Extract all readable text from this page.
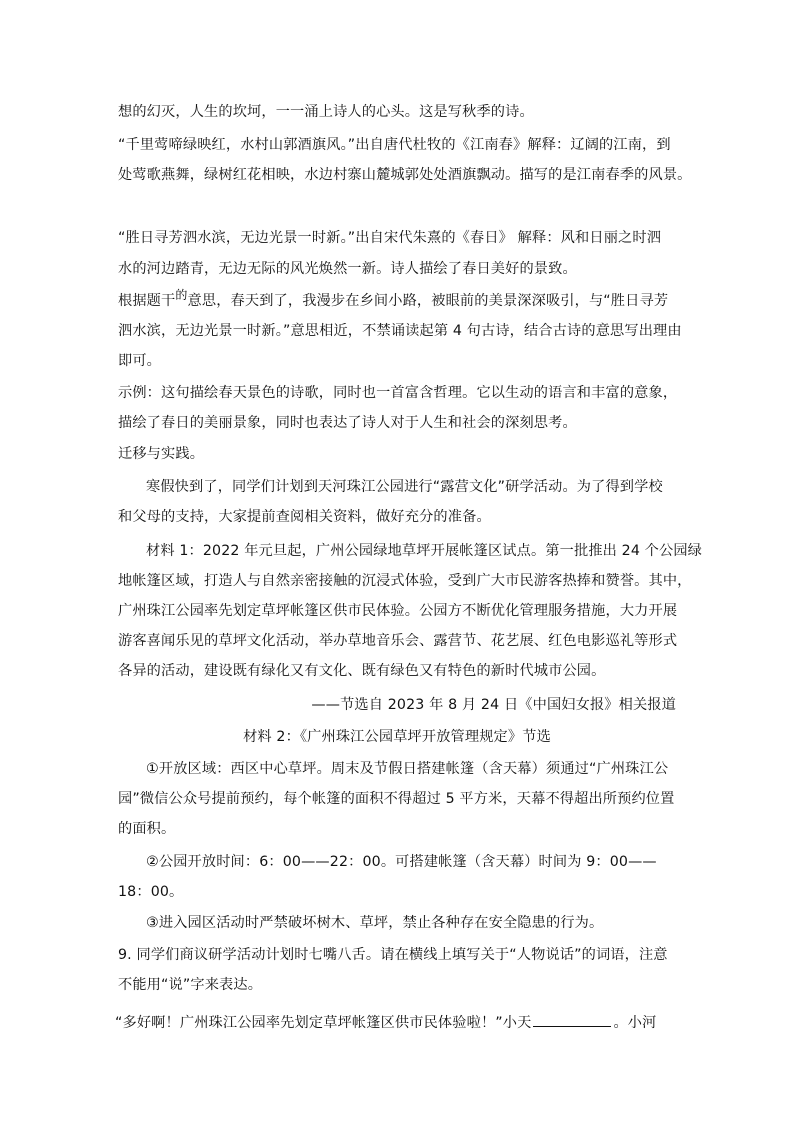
想的幻灭，人生的坎坷，一一涌上诗人的心头。这是写秋季的诗。
“千里莺啼绿映红，水村山郭酒旗风。”出自唐代杜牧的《江南春》解释：辽阔的江南，到
处莺歌燕舞，绿树红花相映，水边村寨山麓城郭处处酒旗飘动。描写的是江南春季的风景。
“胜日寻芳泗水滨，无边光景一时新。”出自宋代朱熹的《春日》 解释：风和日丽之时泗
水的河边踏青，无边无际的风光焕然一新。诗人描绘了春日美好的景致。
根据题干$^的$意思，春天到了，我漫步在乡间小路，被眼前的美景深深吸引，与“胜日寻芳
泗水滨，无边光景一时新。”意思相近，不禁诵读起第 4 句古诗，结合古诗的意思写出理由
即可。
示例：这句描绘春天景色的诗歌，同时也一首富含哲理。它以生动的语言和丰富的意象，
描绘了春日的美丽景象，同时也表达了诗人对于人生和社会的深刻思考。
迁移与实践。
寒假快到了，同学们计划到天河珠江公园进行“露营文化”研学活动。为了得到学校
和父母的支持，大家提前查阅相关资料，做好充分的准备。
材料 1：2022 年元旦起，广州公园绿地草坪开展帐篷区试点。第一批推出 24 个公园绿
地帐篷区域，打造人与自然亲密接触的沉浸式体验，受到广大市民游客热捧和赞誉。其中，
广州珠江公园率先划定草坪帐篷区供市民体验。公园方不断优化管理服务措施，大力开展
游客喜闻乐见的草坪文化活动，举办草地音乐会、露营节、花艺展、红色电影巡礼等形式
各异的活动，建设既有绿化又有文化、既有绿色又有特色的新时代城市公园。
——节选自 2023 年 8 月 24 日《中国妇女报》相关报道
材料 2：《广州珠江公园草坪开放管理规定》节选
①开放区域：西区中心草坪。周末及节假日搭建帐篷（含天幕）须通过“广州珠江公
园”微信公众号提前预约，每个帐篷的面积不得超过 5 平方米，天幕不得超出所预约位置
的面积。
②公园开放时间：6：00——22：00。可搭建帐篷（含天幕）时间为 9：00——
18：00。
③进入园区活动时严禁破坏树木、草坪，禁止各种存在安全隐患的行为。
9. 同学们商议研学活动计划时七嘴八舌。请在横线上填写关于“人物说话”的词语，注意
不能用“说”字来表达。
“多好啊！广州珠江公园率先划定草坪帐篷区供市民体验啦！”小天	。小河
